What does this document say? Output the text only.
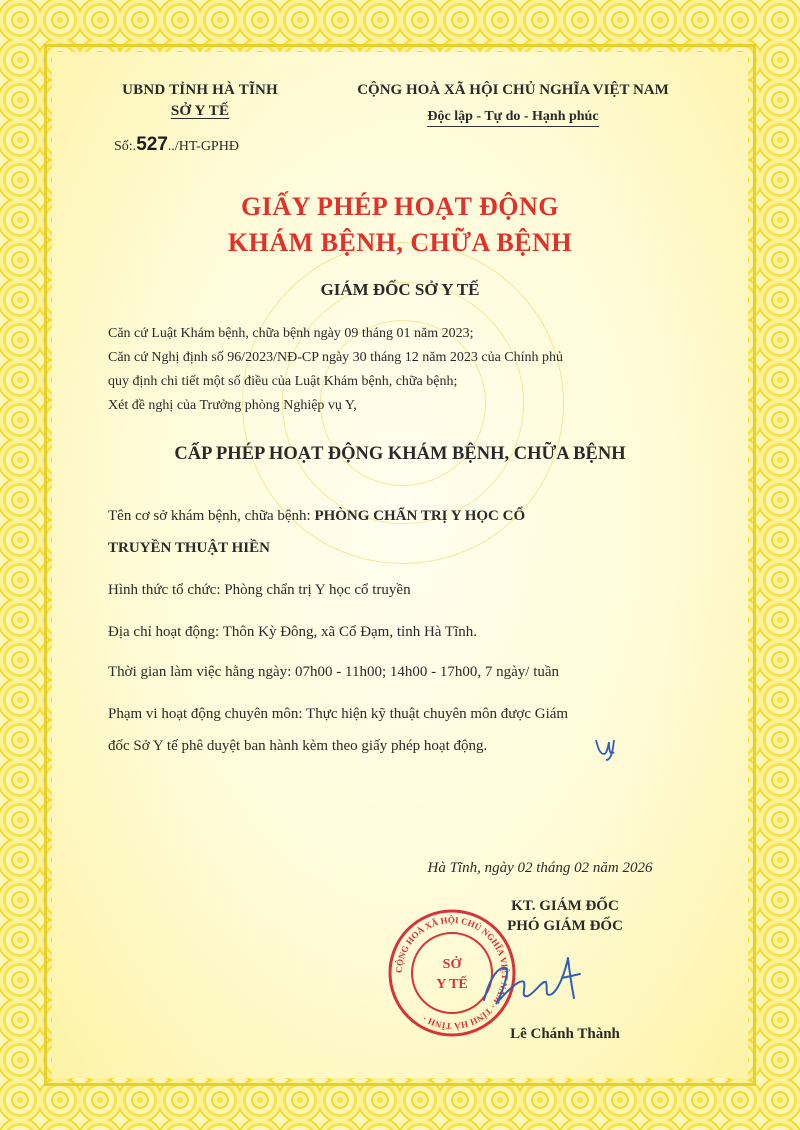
UBND TỈNH HÀ TĨNH
SỞ Y TẾ
Số:.527../HT-GPHĐ
CỘNG HOÀ XÃ HỘI CHỦ NGHĨA VIỆT NAM
Độc lập - Tự do - Hạnh phúc
GIẤY PHÉP HOẠT ĐỘNG
KHÁM BỆNH, CHỮA BỆNH
GIÁM ĐỐC SỞ Y TẾ

Căn cứ Luật Khám bệnh, chữa bệnh ngày 09 tháng 01 năm 2023;

Căn cứ Nghị định số 96/2023/NĐ-CP ngày 30 tháng 12 năm 2023 của Chính phủ

quy định chi tiết một số điều của Luật Khám bệnh, chữa bệnh;

Xét đề nghị của Trưởng phòng Nghiệp vụ Y,

CẤP PHÉP HOẠT ĐỘNG KHÁM BỆNH, CHỮA BỆNH
Tên cơ sở khám bệnh, chữa bệnh: PHÒNG CHẨN TRỊ Y HỌC CỔ
TRUYỀN THUẬT HIỀN
Hình thức tổ chức: Phòng chẩn trị Y học cổ truyền
Địa chỉ hoạt động: Thôn Kỳ Đông, xã Cổ Đạm, tỉnh Hà Tĩnh.
Thời gian làm việc hằng ngày: 07h00 - 11h00; 14h00 - 17h00, 7 ngày/ tuần
Phạm vi hoạt động chuyên môn: Thực hiện kỹ thuật chuyên môn được Giám
đốc Sở Y tế phê duyệt ban hành kèm theo giấy phép hoạt động.
Hà Tĩnh, ngày 02 tháng 02 năm 2026
KT. GIÁM ĐỐC
PHÓ GIÁM ĐỐC
CỘNG HOÀ XÃ HỘI CHỦ NGHĨA VIỆT NAM · TỈNH HÀ TĨNH ·
SỞ
Y TẾ
Lê Chánh Thành
